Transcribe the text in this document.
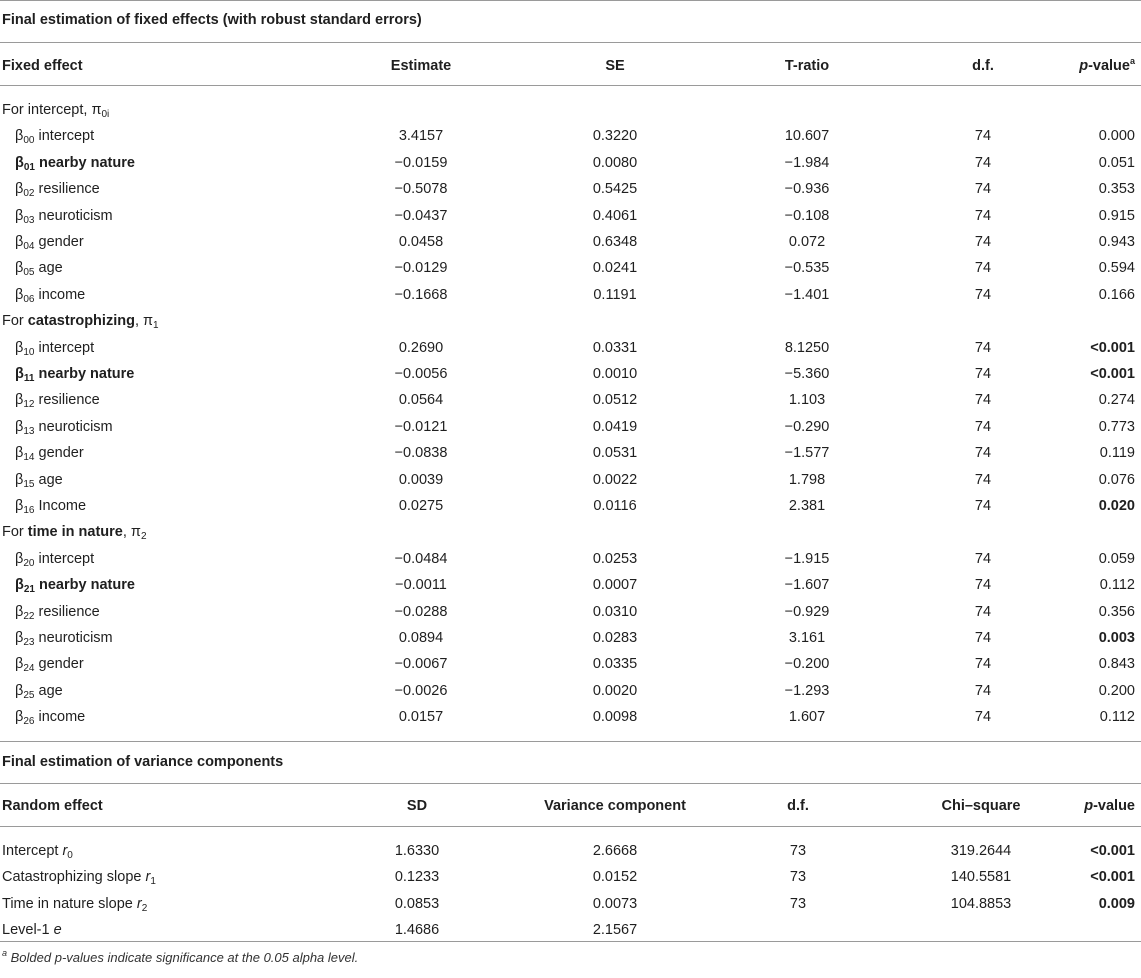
Final estimation of fixed effects (with robust standard errors)
Fixed effect	Estimate	SE	T-ratio	d.f.	p-value$^a$
For intercept, $\pi_{0i}$
$\beta_{00}$ intercept	3.4157	0.3220	10.607	74	0.000
$\beta_{01}$ nearby nature	−0.0159	0.0080	−1.984	74	0.051
$\beta_{02}$ resilience	−0.5078	0.5425	−0.936	74	0.353
$\beta_{03}$ neuroticism	−0.0437	0.4061	−0.108	74	0.915
$\beta_{04}$ gender	0.0458	0.6348	0.072	74	0.943
$\beta_{05}$ age	−0.0129	0.0241	−0.535	74	0.594
$\beta_{06}$ income	−0.1668	0.1191	−1.401	74	0.166
For catastrophizing, $\pi_1$
$\beta_{10}$ intercept	0.2690	0.0331	8.1250	74	<0.001
$\beta_{11}$ nearby nature	−0.0056	0.0010	−5.360	74	<0.001
$\beta_{12}$ resilience	0.0564	0.0512	1.103	74	0.274
$\beta_{13}$ neuroticism	−0.0121	0.0419	−0.290	74	0.773
$\beta_{14}$ gender	−0.0838	0.0531	−1.577	74	0.119
$\beta_{15}$ age	0.0039	0.0022	1.798	74	0.076
$\beta_{16}$ Income	0.0275	0.0116	2.381	74	0.020
For time in nature, $\pi_2$
$\beta_{20}$ intercept	−0.0484	0.0253	−1.915	74	0.059
$\beta_{21}$ nearby nature	−0.0011	0.0007	−1.607	74	0.112
$\beta_{22}$ resilience	−0.0288	0.0310	−0.929	74	0.356
$\beta_{23}$ neuroticism	0.0894	0.0283	3.161	74	0.003
$\beta_{24}$ gender	−0.0067	0.0335	−0.200	74	0.843
$\beta_{25}$ age	−0.0026	0.0020	−1.293	74	0.200
$\beta_{26}$ income	0.0157	0.0098	1.607	74	0.112
Final estimation of variance components
Random effect	SD	Variance component	d.f.	Chi–square	p-value
Intercept $r_0$	1.6330	2.6668	73	319.2644	<0.001
Catastrophizing slope $r_1$	0.1233	0.0152	73	140.5581	<0.001
Time in nature slope $r_2$	0.0853	0.0073	73	104.8853	0.009
Level-1 e	1.4686	2.1567
$^a$ Bolded p-values indicate significance at the 0.05 alpha level.
